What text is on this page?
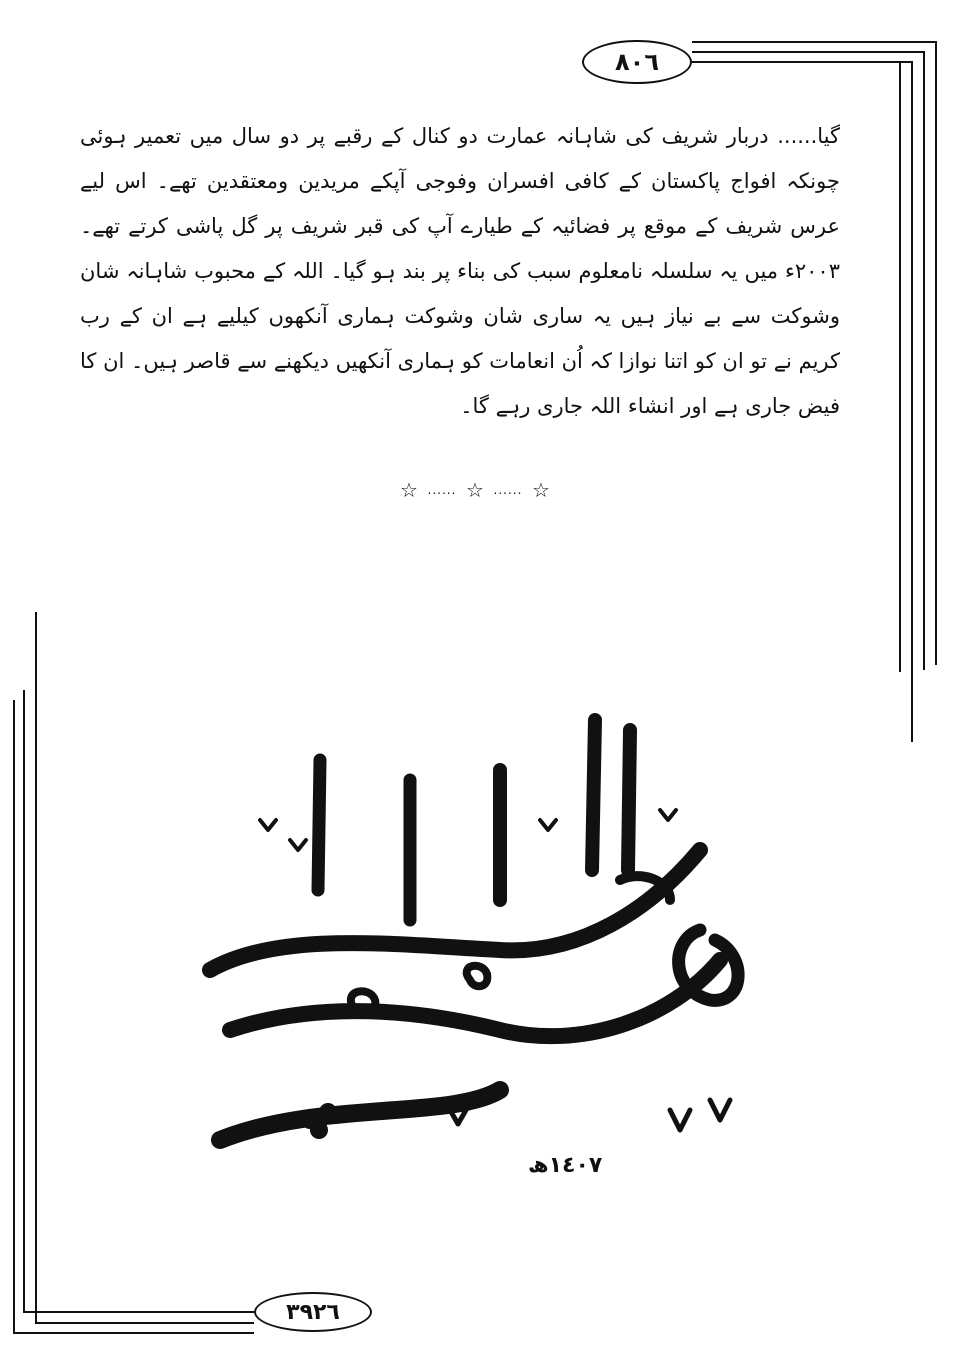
٨٠٦

گیا...... دربار شریف کی شاہانہ عمارت دو کنال کے رقبے پر دو سال میں تعمیر ہوئی چونکہ افواج پاکستان کے کافی افسران وفوجی آپکے مریدین ومعتقدین تھے۔ اس لیے عرس شریف کے موقع پر فضائیہ کے طیارے آپ کی قبر شریف پر گل پاشی کرتے تھے۔ ٢٠٠٣ء میں یہ سلسلہ نامعلوم سبب کی بناء پر بند ہو گیا۔ اللہ کے محبوب شاہانہ شان وشوکت سے بے نیاز ہیں یہ ساری شان وشوکت ہماری آنکھوں کیلیے ہے ان کے رب کریم نے تو ان کو اتنا نوازا کہ اُن انعامات کو ہماری آنکھیں دیکھنے سے قاصر ہیں۔ ان کا فیض جاری ہے اور انشاء اللہ جاری رہے گا۔

☆ ...... ☆ ...... ☆
١٤٠٧ھ
٣٩٢٦
